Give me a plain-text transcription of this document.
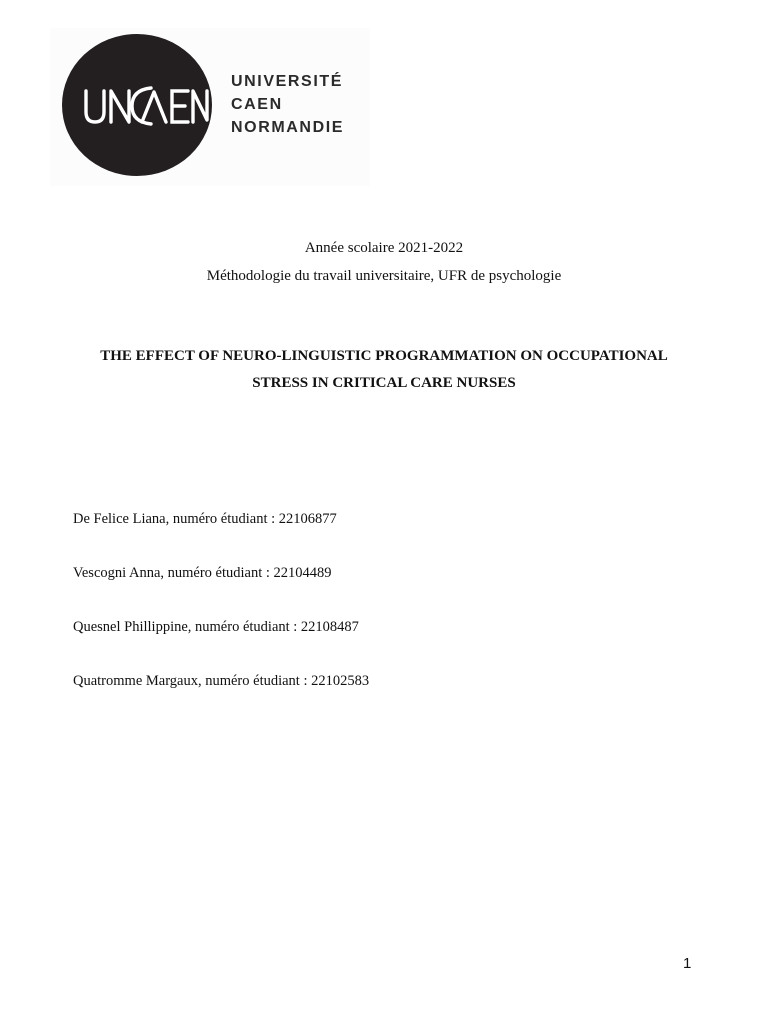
UNIVERSITÉ
CAEN
NORMANDIE
Année scolaire 2021-2022
Méthodologie du travail universitaire, UFR de psychologie
THE EFFECT OF NEURO-LINGUISTIC PROGRAMMATION ON OCCUPATIONAL
STRESS IN CRITICAL CARE NURSES
De Felice Liana, numéro étudiant : 22106877
Vescogni Anna, numéro étudiant : 22104489
Quesnel Phillippine, numéro étudiant : 22108487
Quatromme Margaux, numéro étudiant : 22102583
1
